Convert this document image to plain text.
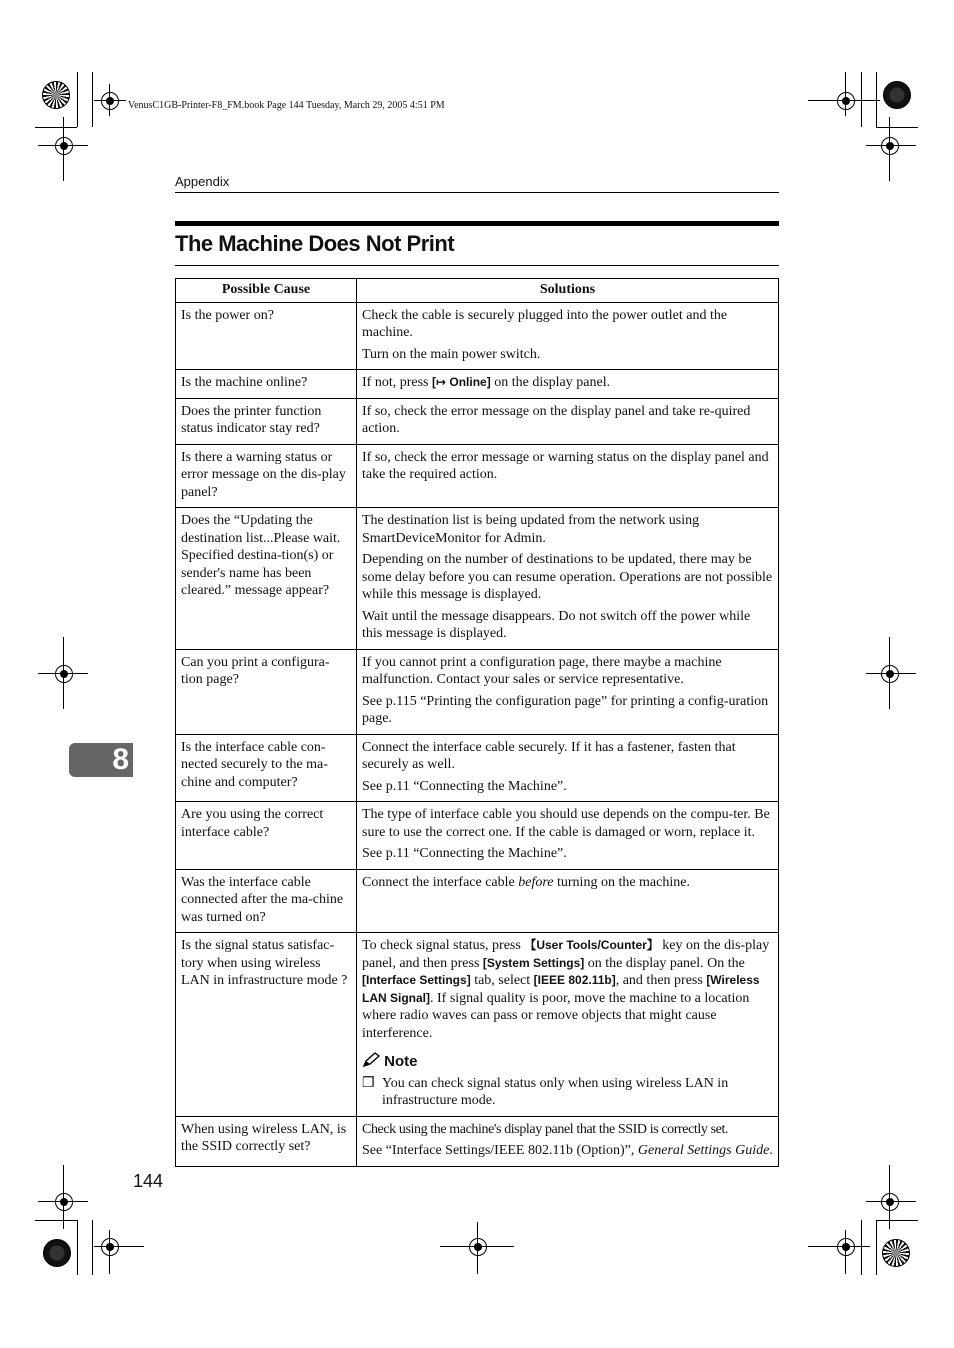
VenusC1GB-Printer-F8_FM.book Page 144 Tuesday, March 29, 2005 4:51 PM
Appendix
The Machine Does Not Print
Possible Cause	Solutions
Is the power on?	Check the cable is securely plugged into the power outlet and the machine.

Turn on the main power switch.

Is the machine online?	If not, press [↦ Online] on the display panel.

Does the printer function status indicator stay red?	If so, check the error message on the display panel and take re-quired action.

Is there a warning status or error message on the dis-play panel?	If so, check the error message or warning status on the display panel and take the required action.

Does the “Updating the destination list...Please wait. Specified destina-tion(s) or sender's name has been cleared.” message appear?	The destination list is being updated from the network using SmartDeviceMonitor for Admin.

Depending on the number of destinations to be updated, there may be some delay before you can resume operation. Operations are not possible while this message is displayed.

Wait until the message disappears. Do not switch off the power while this message is displayed.

Can you print a configura-tion page?	If you cannot print a configuration page, there maybe a machine malfunction. Contact your sales or service representative.

See p.115 “Printing the configuration page” for printing a config-uration page.

Is the interface cable con-nected securely to the ma-chine and computer?	Connect the interface cable securely. If it has a fastener, fasten that securely as well.

See p.11 “Connecting the Machine”.

Are you using the correct interface cable?	The type of interface cable you should use depends on the compu-ter. Be sure to use the correct one. If the cable is damaged or worn, replace it.

See p.11 “Connecting the Machine”.

Was the interface cable connected after the ma-chine was turned on?	Connect the interface cable before turning on the machine.

Is the signal status satisfac-tory when using wireless LAN in infrastructure mode ?	To check signal status, press 【User Tools/Counter】 key on the dis-play panel, and then press [System Settings] on the display panel. On the [Interface Settings] tab, select [IEEE 802.11b], and then press [Wireless LAN Signal]. If signal quality is poor, move the machine to a location where radio waves can pass or remove objects that might cause interference.

Note
❒ You can check signal status only when using wireless LAN in infrastructure mode.

When using wireless LAN, is the SSID correctly set?	Check using the machine's display panel that the SSID is correctly set.

See “Interface Settings/IEEE 802.11b (Option)”, General Settings Guide.

8
144
